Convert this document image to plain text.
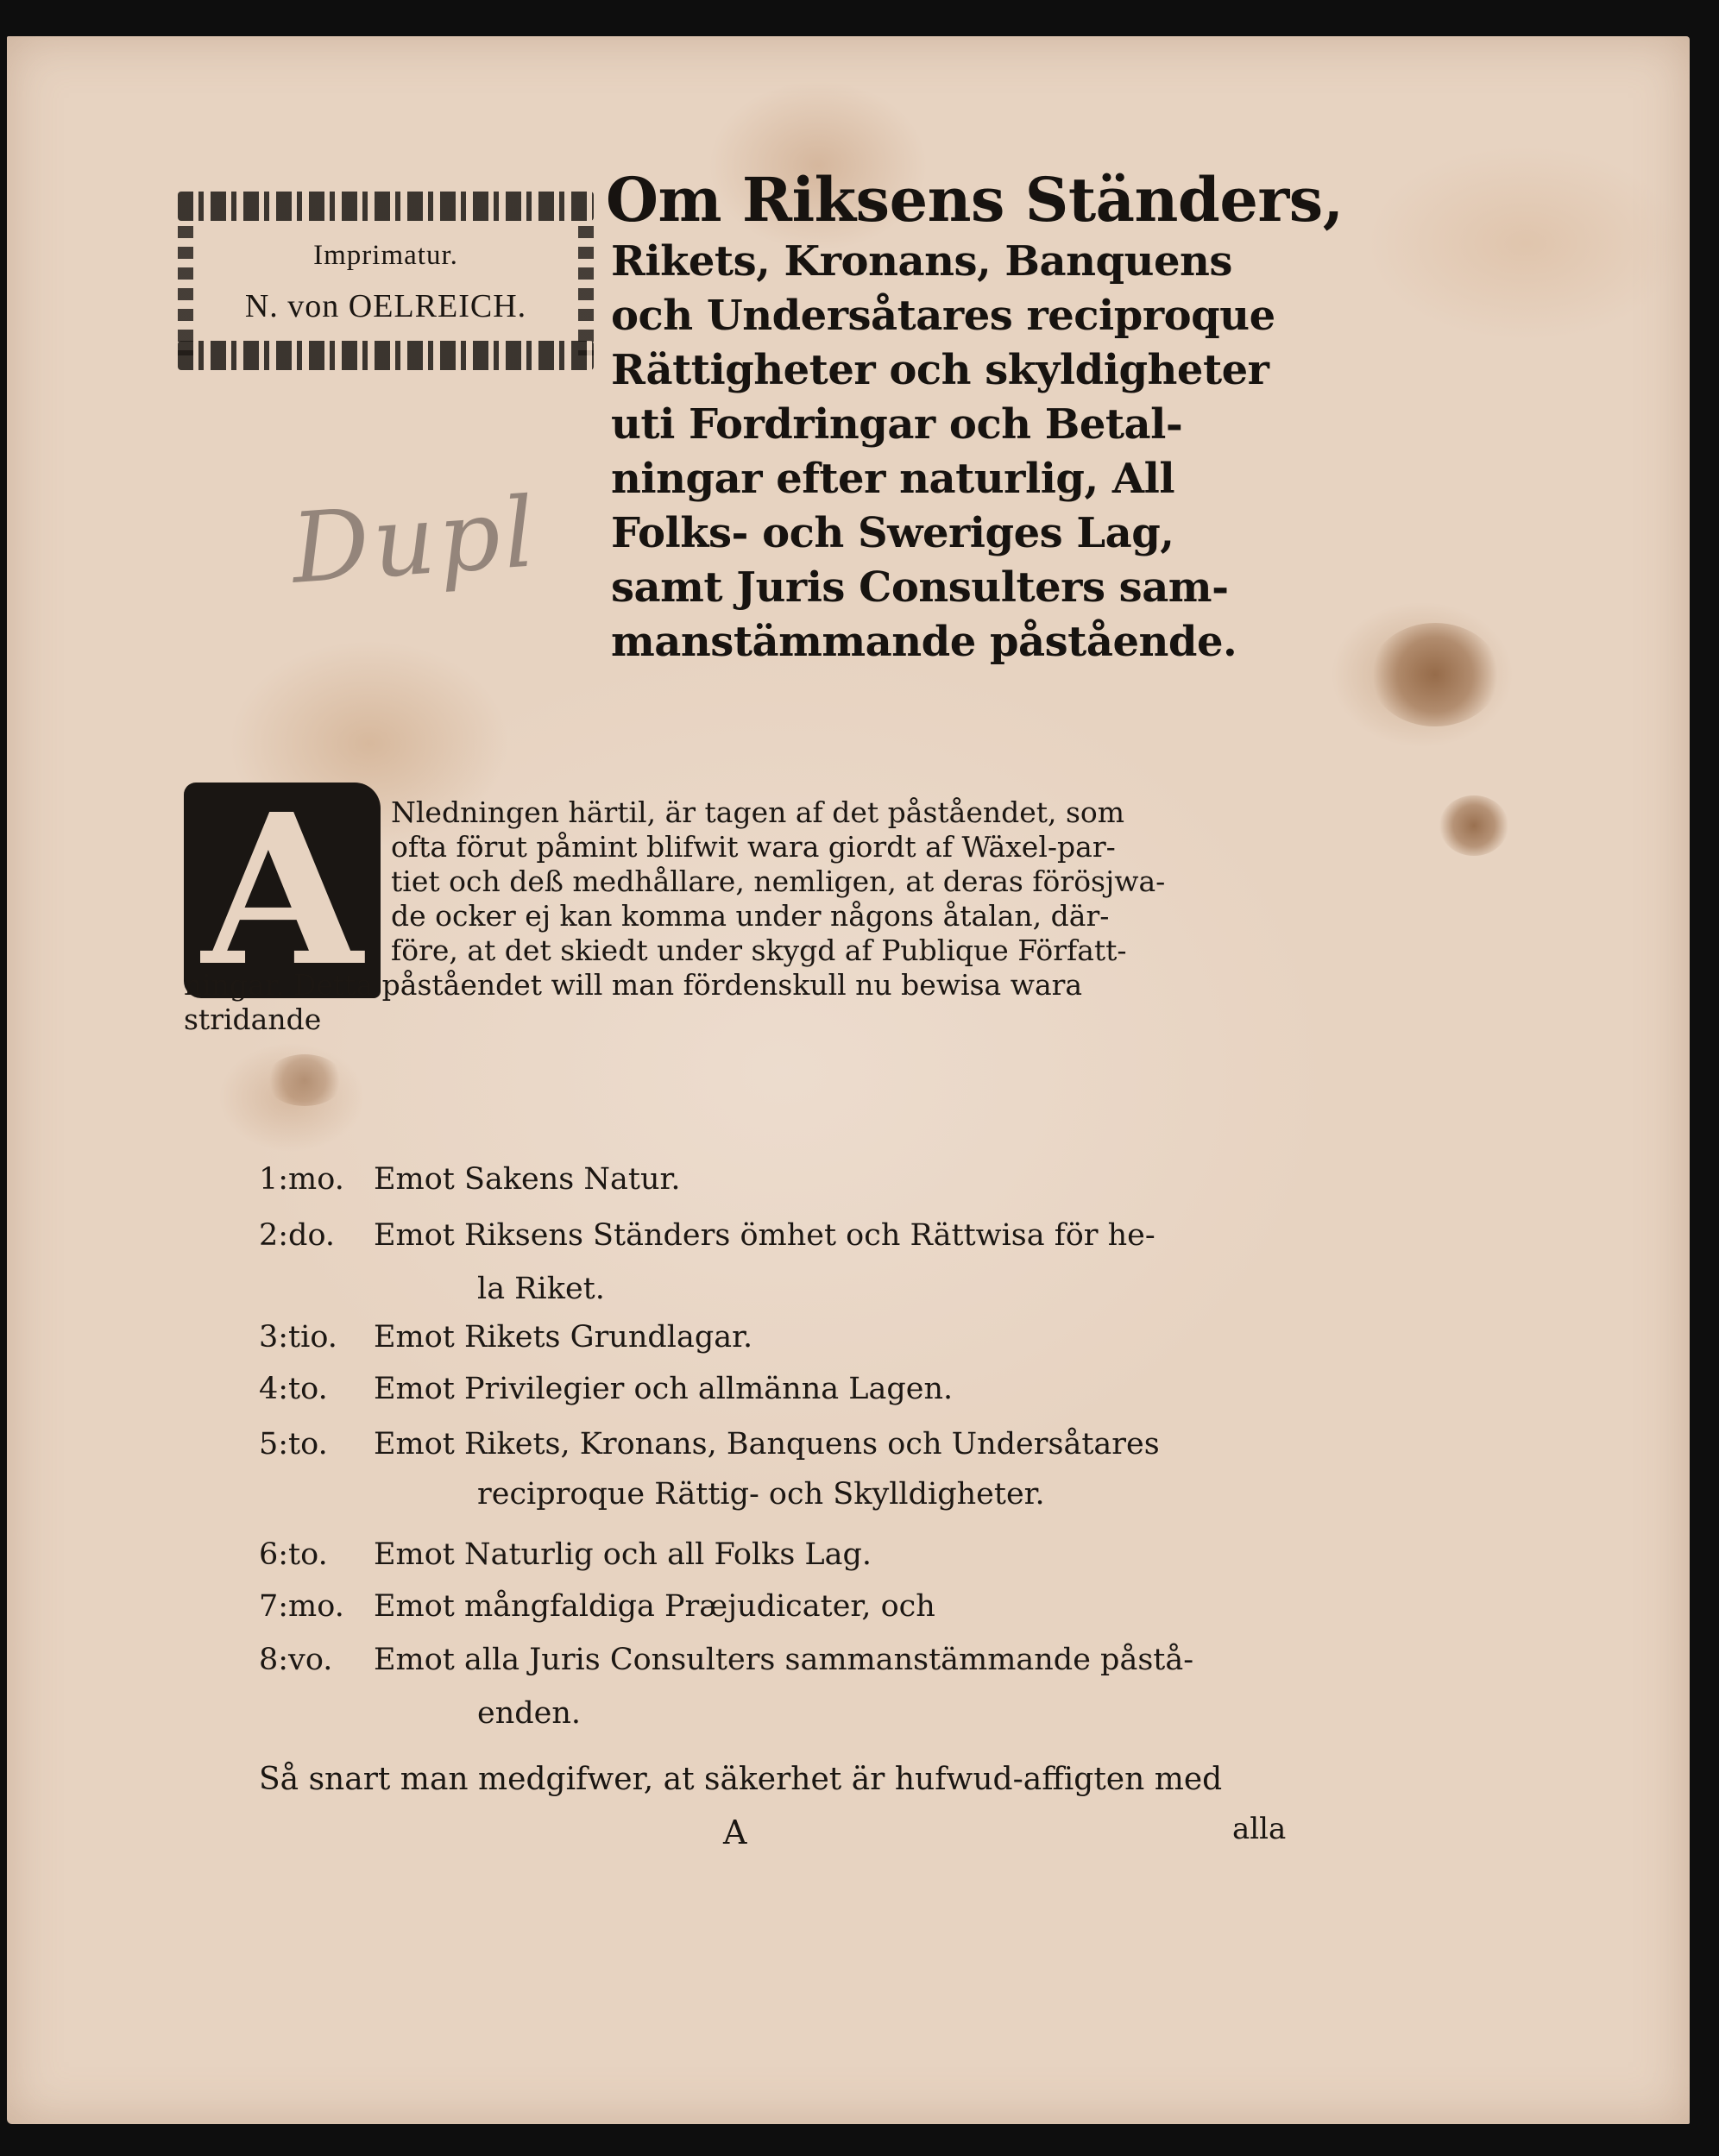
Imprimatur.
N. von OELREICH.
Om Riksens Ständers,
Rikets, Kronans, Banquens
och Undersåtares reciproque
Rättigheter och skyldigheter
uti Fordringar och Betal-
ningar efter naturlig, All
Folks- och Sweriges Lag,
samt Juris Consulters sam-
manstämmande påstående.
Dupl
A Nledningen härtil, är tagen af det påståendet, som
ofta förut påmint blifwit wara giordt af Wäxel-par-
tiet och deß medhållare, nemligen, at deras förösjwa-
de ocker ej kan komma under någons åtalan, där-
före, at det skiedt under skygd af Publique Författ-
ningar. Detta påståendet will man fördenskull nu bewisa wara
stridande
1:mo. Emot Sakens Natur.
2:do. Emot Riksens Ständers ömhet och Rättwisa för he-
la Riket.
3:tio. Emot Rikets Grundlagar.
4:to. Emot Privilegier och allmänna Lagen.
5:to. Emot Rikets, Kronans, Banquens och Undersåtares
reciproque Rättig- och Skylldigheter.
6:to. Emot Naturlig och all Folks Lag.
7:mo. Emot mångfaldiga Præjudicater, och
8:vo. Emot alla Juris Consulters sammanstämmande påstå-
enden.
Så snart man medgifwer, at säkerhet är hufwud-affigten med
A	alla
